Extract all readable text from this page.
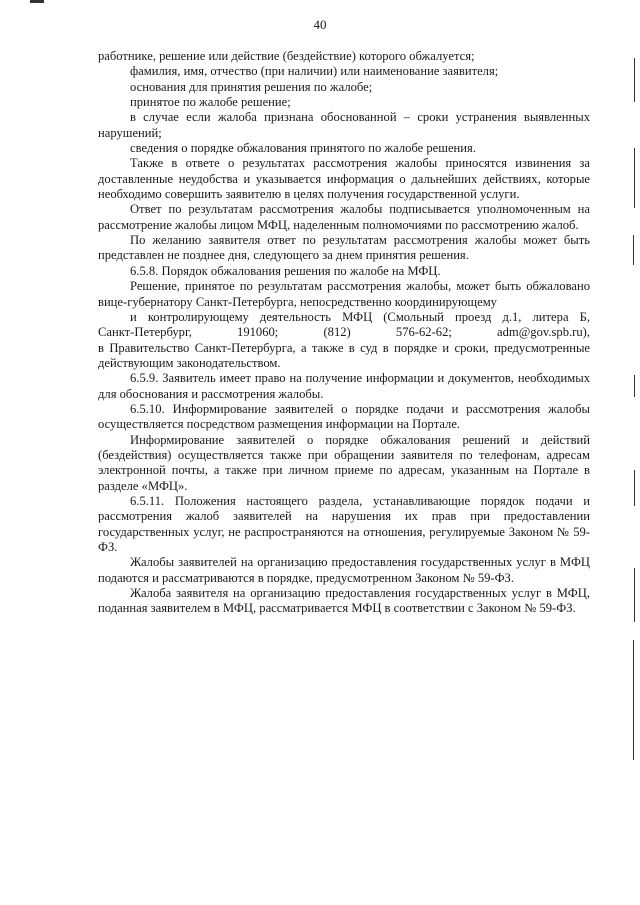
40

работнике, решение или действие (бездействие) которого обжалуется;

фамилия, имя, отчество (при наличии) или наименование заявителя;

основания для принятия решения по жалобе;

принятое по жалобе решение;

в случае если жалоба признана обоснованной – сроки устранения выявленных нарушений;

сведения о порядке обжалования принятого по жалобе решения.

Также в ответе о результатах рассмотрения жалобы приносятся извинения за доставленные неудобства и указывается информация о дальнейших действиях, которые необходимо совершить заявителю в целях получения государственной услуги.

Ответ по результатам рассмотрения жалобы подписывается уполномоченным на рассмотрение жалобы лицом МФЦ, наделенным полномочиями по рассмотрению жалоб.

По желанию заявителя ответ по результатам рассмотрения жалобы может быть представлен не позднее дня, следующего за днем принятия решения.

6.5.8. Порядок обжалования решения по жалобе на МФЦ.

Решение, принятое по результатам рассмотрения жалобы, может быть обжаловано вице-губернатору Санкт-Петербурга, непосредственно координирующему

и контролирующему деятельность МФЦ (Смольный проезд д.1, литера Б,

Санкт-Петербург, 191060; (812) 576-62-62; adm@gov.spb.ru),

в Правительство Санкт-Петербурга, а также в суд в порядке и сроки, предусмотренные действующим законодательством.

6.5.9. Заявитель имеет право на получение информации и документов, необходимых для обоснования и рассмотрения жалобы.

6.5.10. Информирование заявителей о порядке подачи и рассмотрения жалобы осуществляется посредством размещения информации на Портале.

Информирование заявителей о порядке обжалования решений и действий (бездействия) осуществляется также при обращении заявителя по телефонам, адресам электронной почты, а также при личном приеме по адресам, указанным на Портале в разделе «МФЦ».

6.5.11. Положения настоящего раздела, устанавливающие порядок подачи и рассмотрения жалоб заявителей на нарушения их прав при предоставлении государственных услуг, не распространяются на отношения, регулируемые Законом № 59-ФЗ.

Жалобы заявителей на организацию предоставления государственных услуг в МФЦ подаются и рассматриваются в порядке, предусмотренном Законом № 59-ФЗ.

Жалоба заявителя на организацию предоставления государственных услуг в МФЦ, поданная заявителем в МФЦ, рассматривается МФЦ в соответствии с Законом № 59-ФЗ.
